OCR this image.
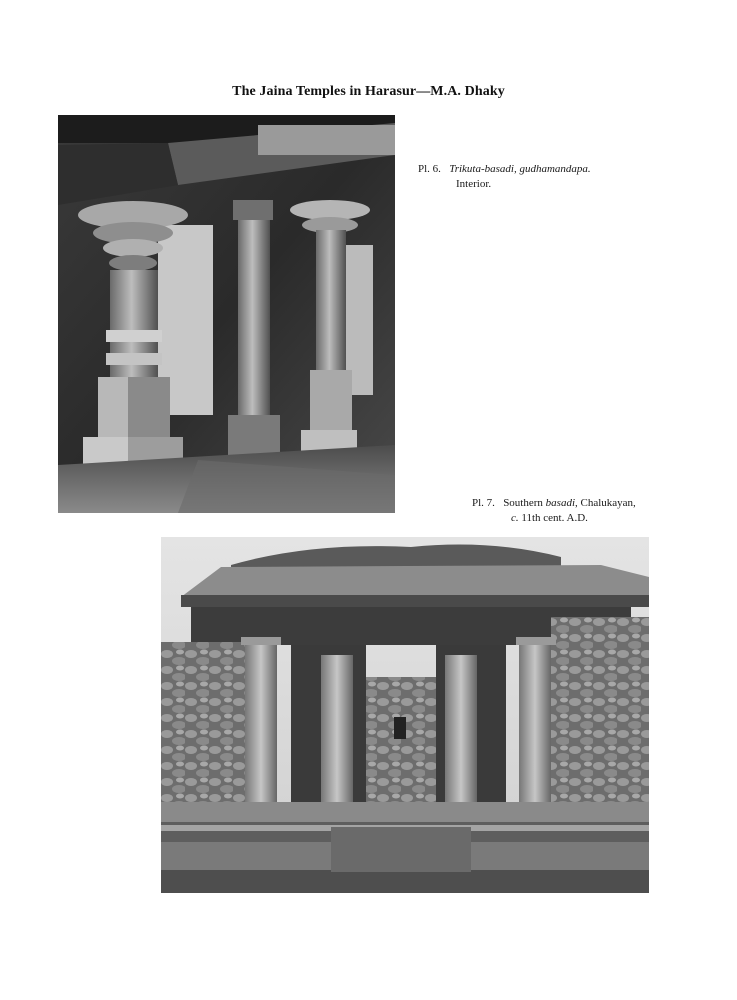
The Jaina Temples in Harasur—M.A. Dhaky
Pl. 6. Trikuta-basadi, gudhamandapa.
Interior.
Pl. 7. Southern basadi, Chalukayan,
c. 11th cent. A.D.
